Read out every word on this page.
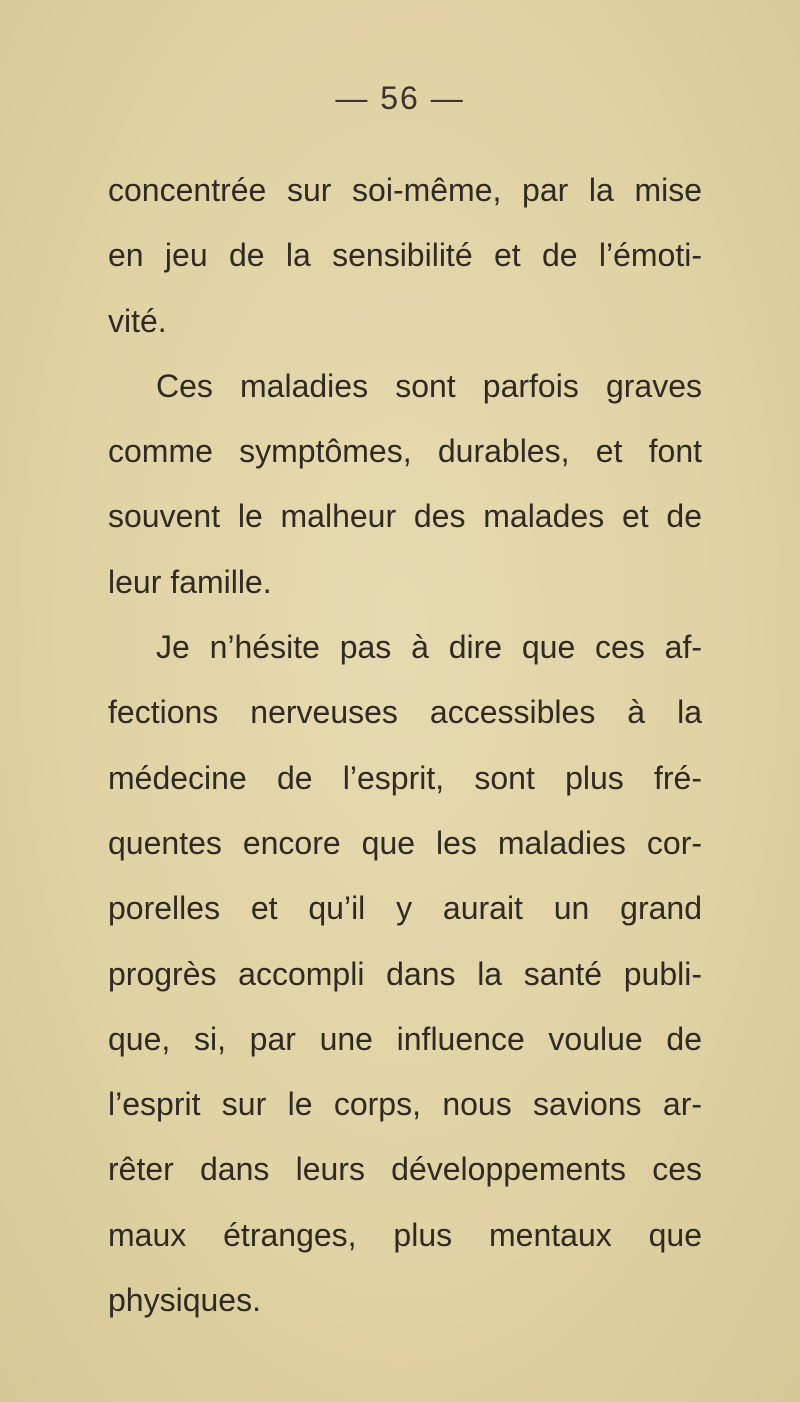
— 56 —
concentrée sur soi-même, par la mise
en jeu de la sensibilité et de l’émoti-
vité.
Ces maladies sont parfois graves
comme symptômes, durables, et font
souvent le malheur des malades et de
leur famille.
Je n’hésite pas à dire que ces af-
fections nerveuses accessibles à la
médecine de l’esprit, sont plus fré-
quentes encore que les maladies cor-
porelles et qu’il y aurait un grand
progrès accompli dans la santé publi-
que, si, par une influence voulue de
l’esprit sur le corps, nous savions ar-
rêter dans leurs développements ces
maux étranges, plus mentaux que
physiques.
